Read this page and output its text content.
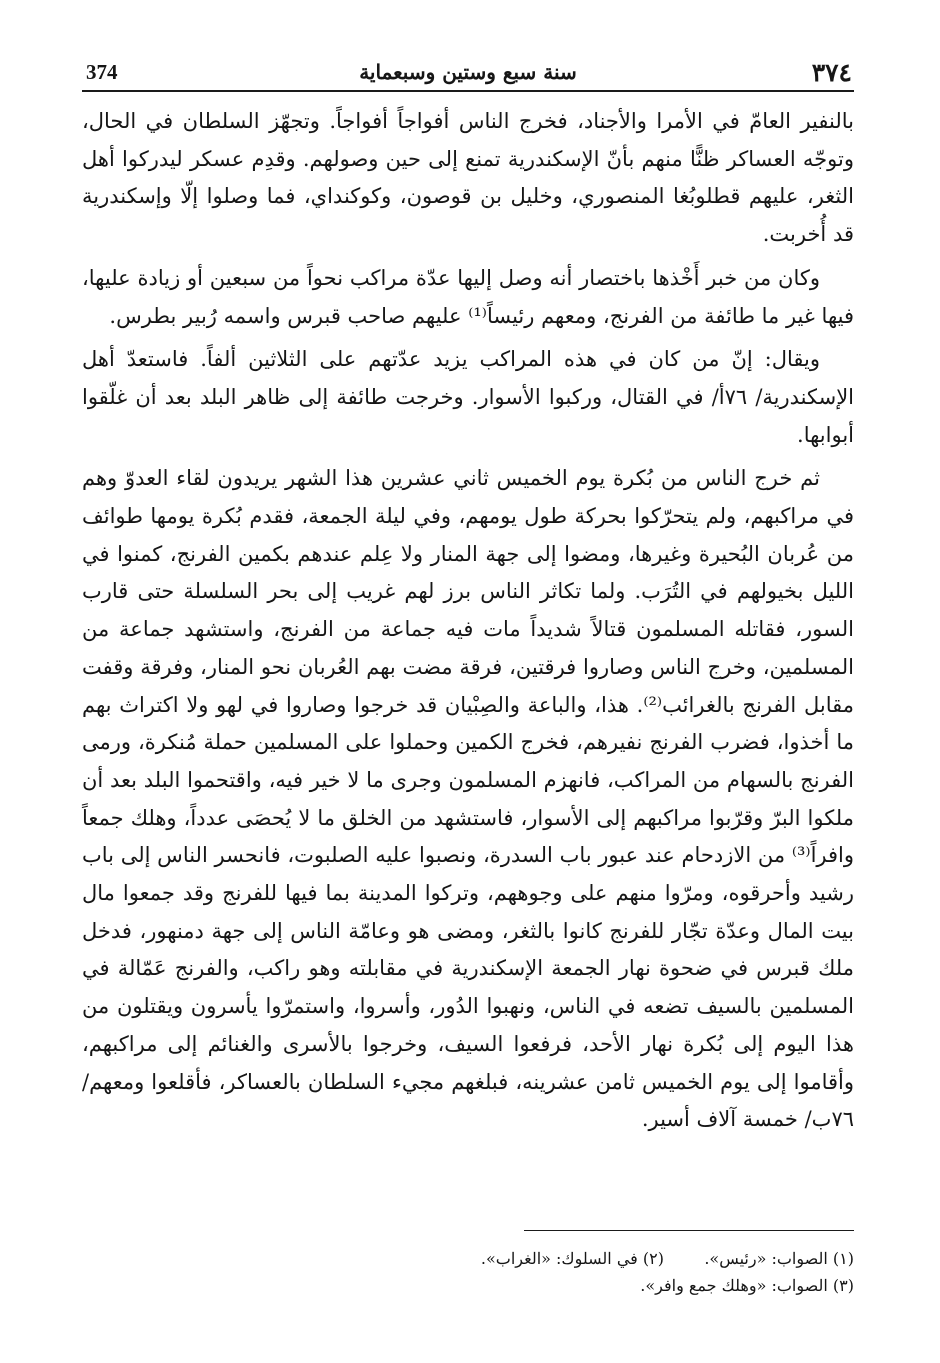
٣٧٤
سنة سبع وستين وسبعماية
374

بالنفير العامّ في الأمرا والأجناد، فخرج الناس أفواجاً أفواجاً. وتجهّز السلطان في الحال، وتوجّه العساكر ظنًّا منهم بأنّ الإسكندرية تمنع إلى حين وصولهم. وقدِم عسكر ليدركوا أهل الثغر، عليهم قطلوبُغا المنصوري، وخليل بن قوصون، وكوكنداي، فما وصلوا إلّا وإسكندرية قد أُخربت.

وكان من خبر أَخْذها باختصار أنه وصل إليها عدّة مراكب نحواً من سبعين أو زيادة عليها، فيها غير ما طائفة من الفرنج، ومعهم رئيساً⁽¹⁾ عليهم صاحب قبرس واسمه رُبير بطرس.

ويقال: إنّ من كان في هذه المراكب يزيد عدّتهم على الثلاثين ألفاً. فاستعدّ أهل الإسكندرية/ ٧٦أ/ في القتال، وركبوا الأسوار. وخرجت طائفة إلى ظاهر البلد بعد أن غلّقوا أبوابها.

ثم خرج الناس من بُكرة يوم الخميس ثاني عشرين هذا الشهر يريدون لقاء العدوّ وهم في مراكبهم، ولم يتحرّكوا بحركة طول يومهم، وفي ليلة الجمعة، فقدم بُكرة يومها طوائف من عُربان البُحيرة وغيرها، ومضوا إلى جهة المنار ولا عِلم عندهم بكمين الفرنج، كمنوا في الليل بخيولهم في التُرَب. ولما تكاثر الناس برز لهم غريب إلى بحر السلسلة حتى قارب السور، فقاتله المسلمون قتالاً شديداً مات فيه جماعة من الفرنج، واستشهد جماعة من المسلمين، وخرج الناس وصاروا فرقتين، فرقة مضت بهم العُربان نحو المنار، وفرقة وقفت مقابل الفرنج بالغرائب⁽²⁾. هذا، والباعة والصِبْيان قد خرجوا وصاروا في لهو ولا اكتراث بهم ما أخذوا، فضرب الفرنج نفيرهم، فخرج الكمين وحملوا على المسلمين حملة مُنكرة، ورمى الفرنج بالسهام من المراكب، فانهزم المسلمون وجرى ما لا خير فيه، واقتحموا البلد بعد أن ملكوا البرّ وقرّبوا مراكبهم إلى الأسوار، فاستشهد من الخلق ما لا يُحصَى عدداً، وهلك جمعاً وافراً⁽³⁾ من الازدحام عند عبور باب السدرة، ونصبوا عليه الصلبوت، فانحسر الناس إلى باب رشيد وأحرقوه، ومرّوا منهم على وجوههم، وتركوا المدينة بما فيها للفرنج وقد جمعوا مال بيت المال وعدّة تجّار للفرنج كانوا بالثغر، ومضى هو وعامّة الناس إلى جهة دمنهور، فدخل ملك قبرس في ضحوة نهار الجمعة الإسكندرية في مقابلته وهو راكب، والفرنج عَمّالة في المسلمين بالسيف تضعه في الناس، ونهبوا الدُور، وأسروا، واستمرّوا يأسرون ويقتلون من هذا اليوم إلى بُكرة نهار الأحد، فرفعوا السيف، وخرجوا بالأسرى والغنائم إلى مراكبهم، وأقاموا إلى يوم الخميس ثامن عشرينه، فبلغهم مجيء السلطان بالعساكر، فأقلعوا ومعهم/ ٧٦ب/ خمسة آلاف أسير.

(١) الصواب: «رئيس».
(٢) في السلوك: «الغراب».
(٣) الصواب: «وهلك جمع وافر».
